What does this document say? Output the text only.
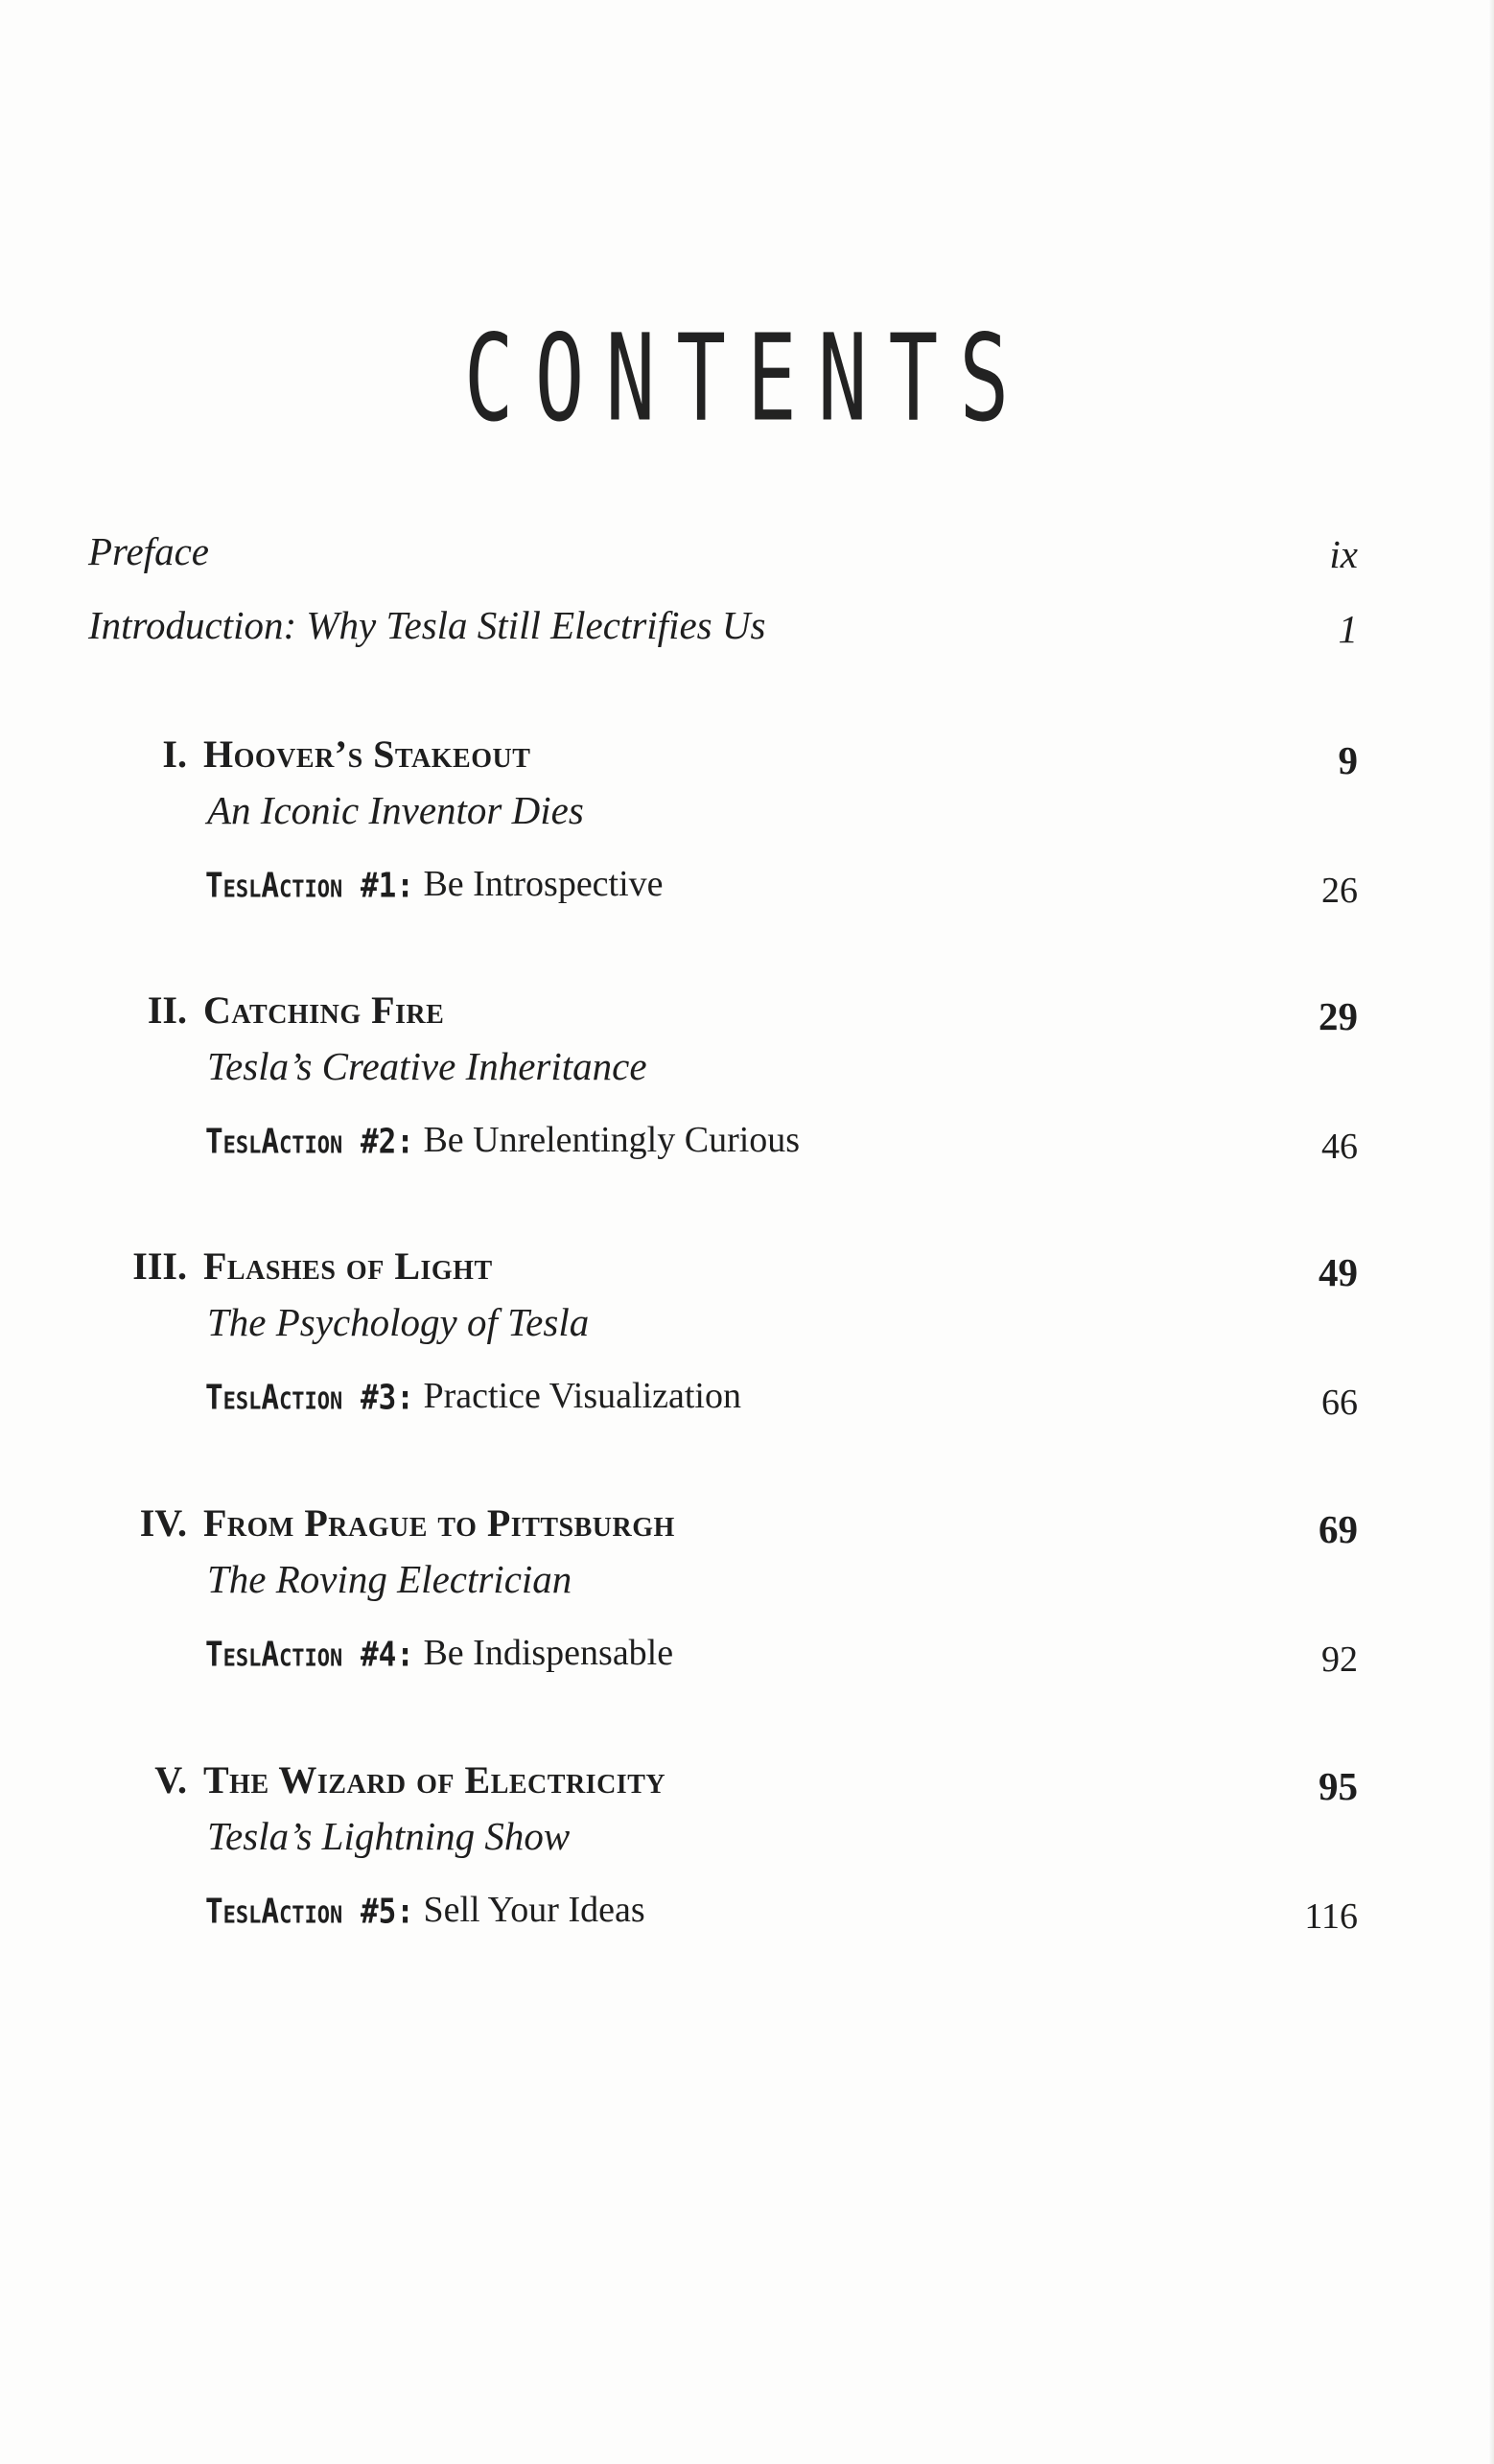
CONTENTS
Preface	ix
Introduction: Why Tesla Still Electrifies Us	1
I. Hoover’s Stakeout	9
An Iconic Inventor Dies
TeslAction #1: Be Introspective	26
II. Catching Fire	29
Tesla’s Creative Inheritance
TeslAction #2: Be Unrelentingly Curious	46
III. Flashes of Light	49
The Psychology of Tesla
TeslAction #3: Practice Visualization	66
IV. From Prague to Pittsburgh	69
The Roving Electrician
TeslAction #4: Be Indispensable	92
V. The Wizard of Electricity	95
Tesla’s Lightning Show
TeslAction #5: Sell Your Ideas	116
